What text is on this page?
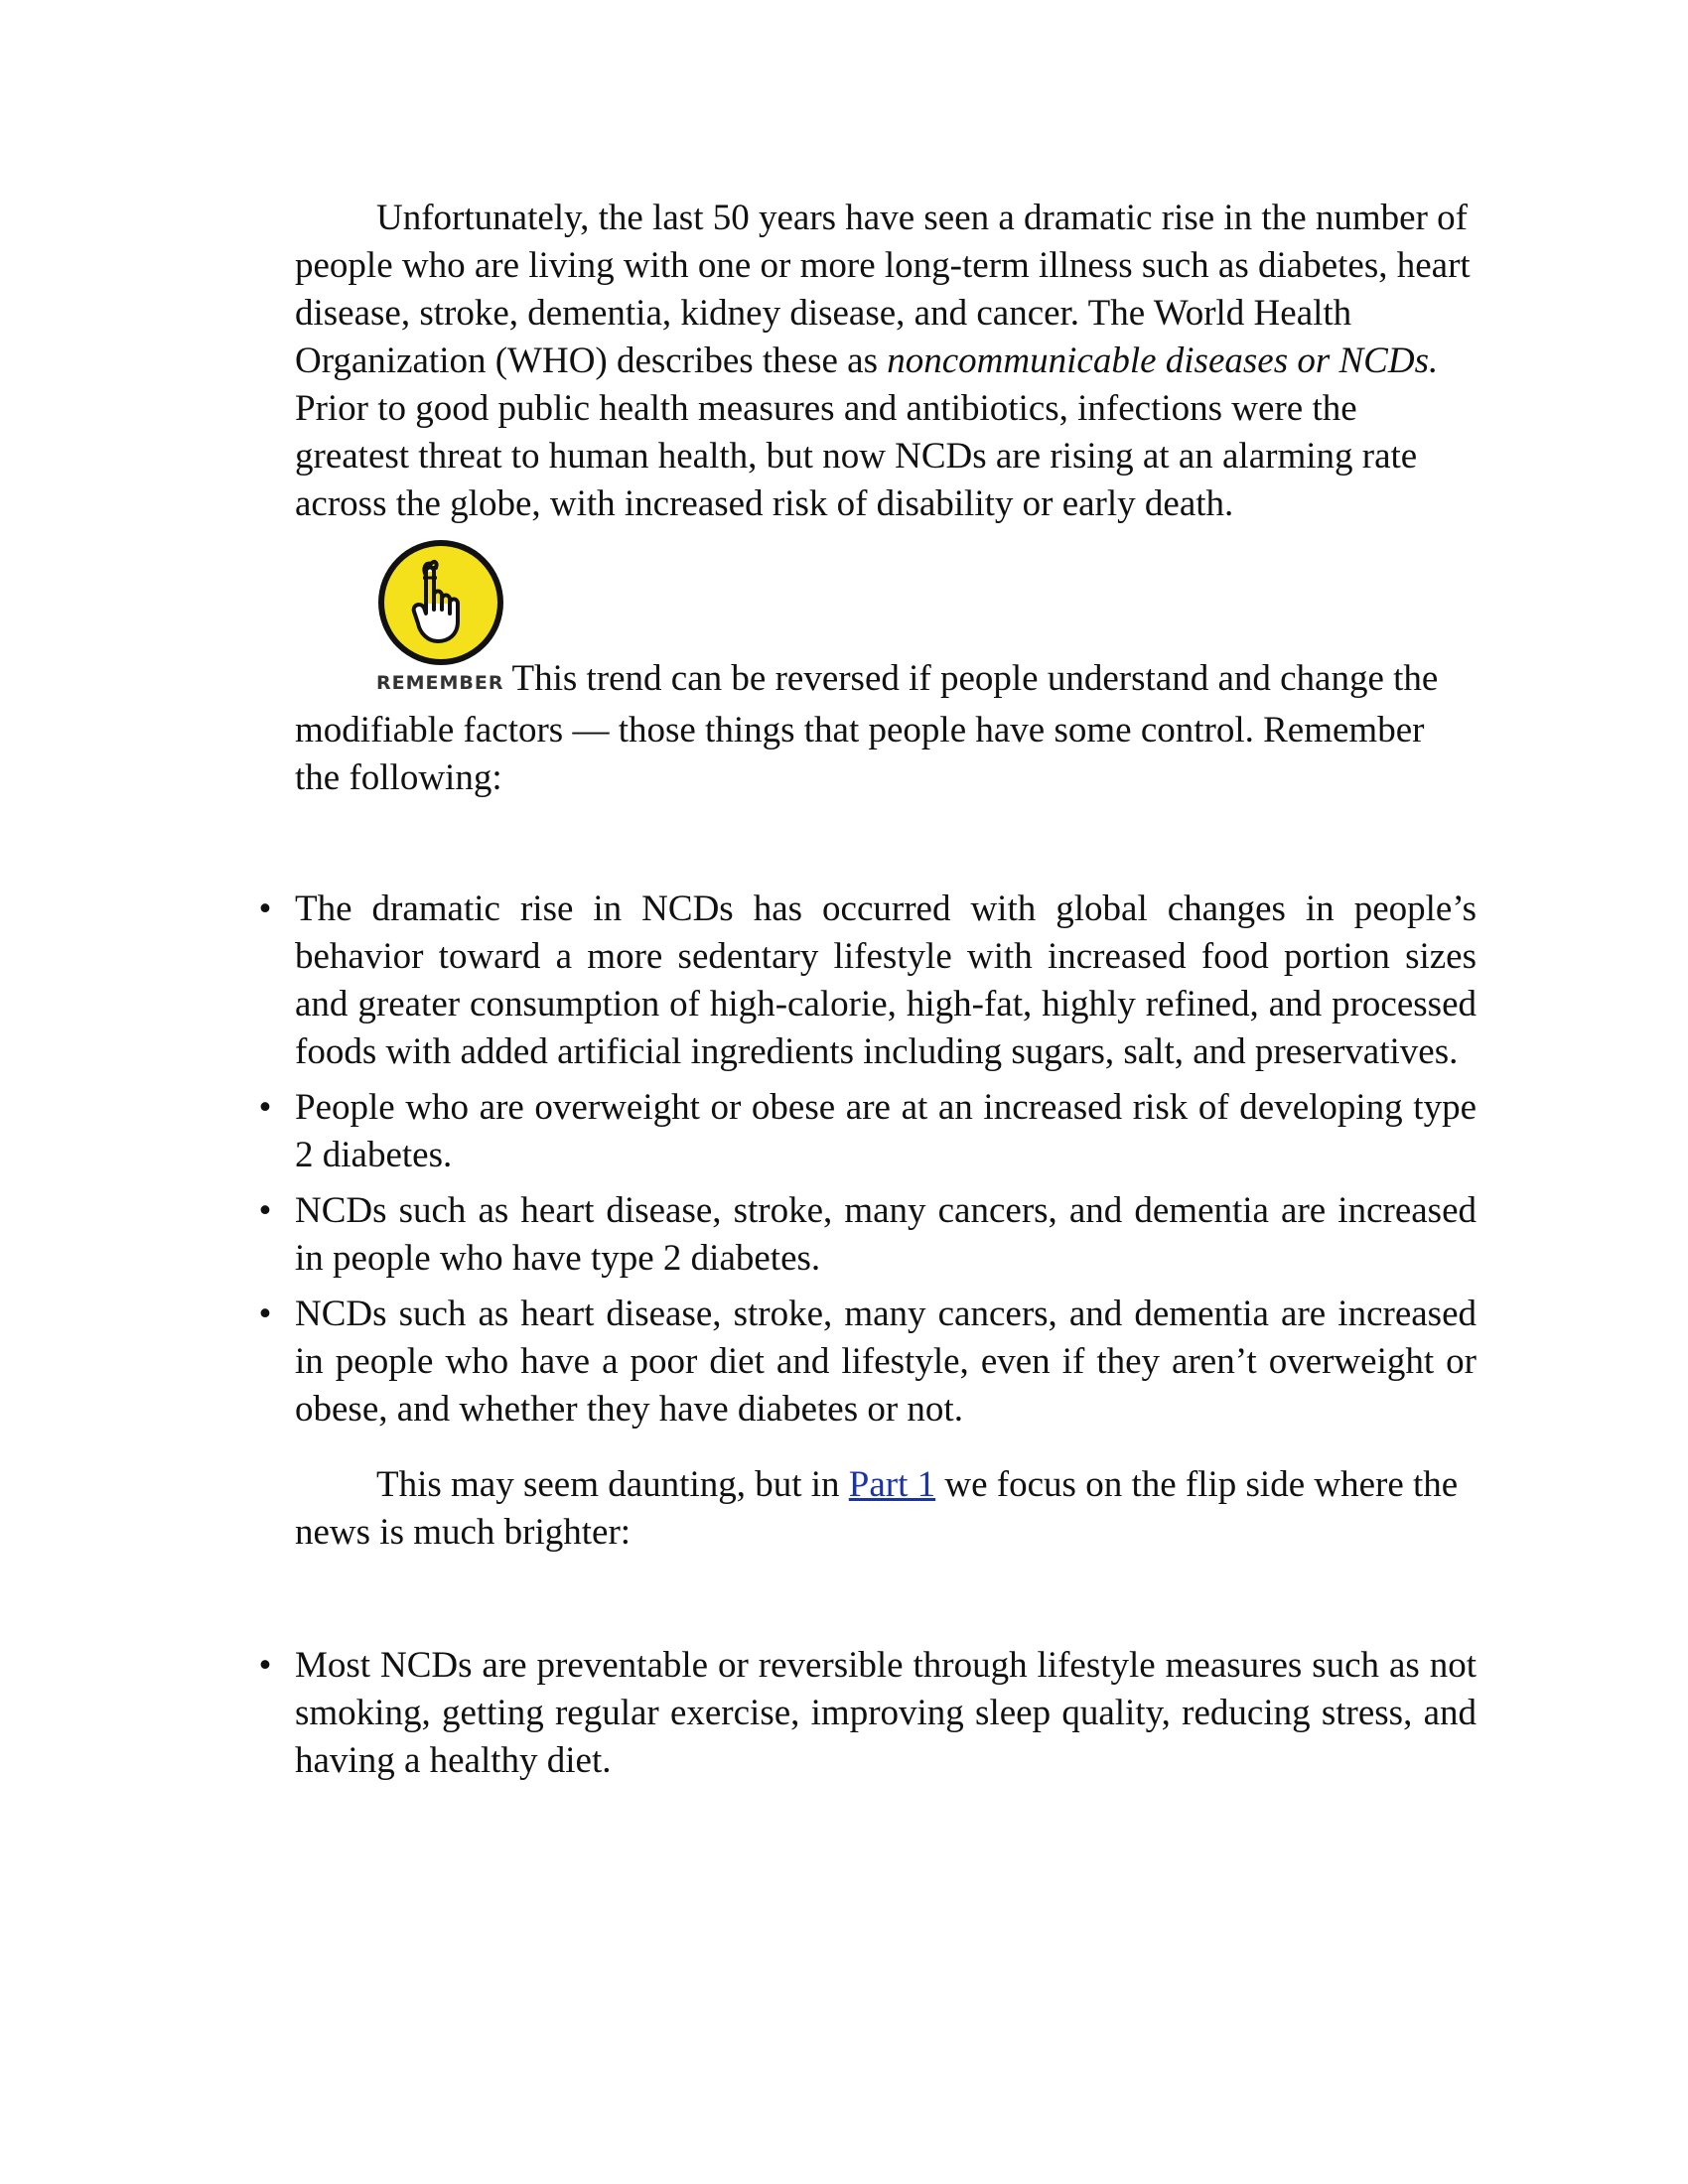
Unfortunately, the last 50 years have seen a dramatic rise in the number of people who are living with one or more long-term illness such as diabetes, heart disease, stroke, dementia, kidney disease, and cancer. The World Health Organization (WHO) describes these as noncommunicable diseases or NCDs. Prior to good public health measures and antibiotics, infections were the greatest threat to human health, but now NCDs are rising at an alarming rate across the globe, with increased risk of disability or early death.

REMEMBER This trend can be reversed if people understand and change the modifiable factors — those things that people have some control. Remember the following:

• The dramatic rise in NCDs has occurred with global changes in people’s behavior toward a more sedentary lifestyle with increased food portion sizes and greater consumption of high-calorie, high-fat, highly refined, and processed foods with added artificial ingredients including sugars, salt, and preservatives.
• People who are overweight or obese are at an increased risk of developing type 2 diabetes.
• NCDs such as heart disease, stroke, many cancers, and dementia are increased in people who have type 2 diabetes.
• NCDs such as heart disease, stroke, many cancers, and dementia are increased in people who have a poor diet and lifestyle, even if they aren’t overweight or obese, and whether they have diabetes or not.

This may seem daunting, but in Part 1 we focus on the flip side where the news is much brighter:

• Most NCDs are preventable or reversible through lifestyle measures such as not smoking, getting regular exercise, improving sleep quality, reducing stress, and having a healthy diet.
